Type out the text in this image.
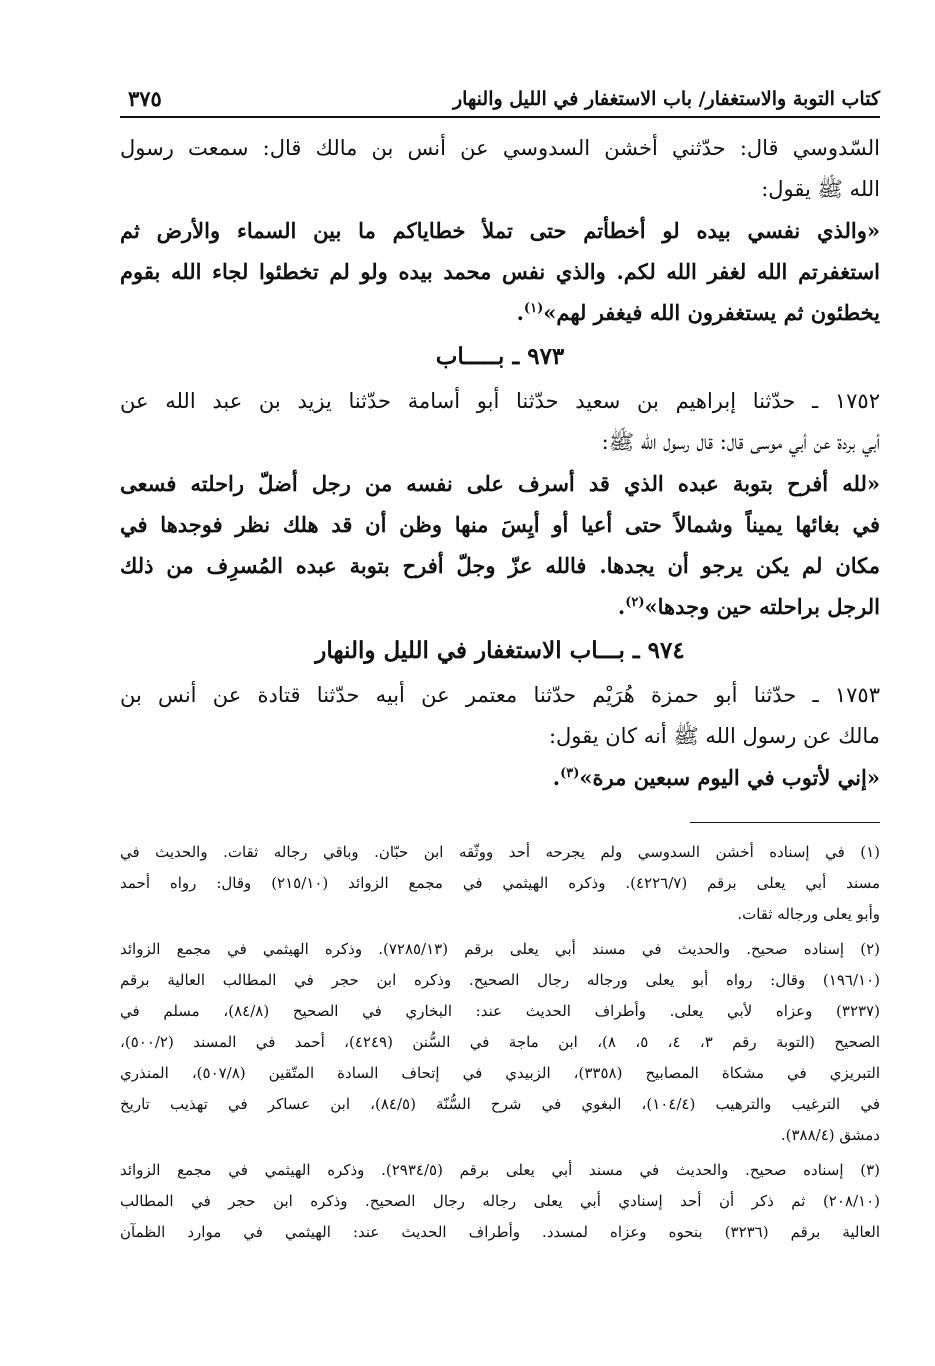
كتاب التوبة والاستغفار/ باب الاستغفار في الليل والنهار
٣٧٥
السّدوسي قال: حدّثني أخشن السدوسي عن أنس بن مالك قال: سمعت رسول
الله ﷺ يقول:
«والذي نفسي بيده لو أخطأتم حتى تملأ خطاياكم ما بين السماء والأرض ثم
استغفرتم الله لغفر الله لكم. والذي نفس محمد بيده ولو لم تخطئوا لجاء الله بقوم
يخطئون ثم يستغفرون الله فيغفر لهم»$^{(١)}$.
٩٧٣ ـ بـــــاب
١٧٥٢ ـ حدّثنا إبراهيم بن سعيد حدّثنا أبو أسامة حدّثنا يزيد بن عبد الله عن
أبي بردة عن أبي موسى قال: قال رسول الله ﷺ:
«لله أفرح بتوبة عبده الذي قد أسرف على نفسه من رجل أضلّ راحلته فسعى
في بغائها يميناً وشمالاً حتى أعيا أو أيِسَ منها وظن أن قد هلك نظر فوجدها في
مكان لم يكن يرجو أن يجدها. فالله عزّ وجلّ أفرح بتوبة عبده المُسرِف من ذلك
الرجل براحلته حين وجدها»$^{(٢)}$.
٩٧٤ ـ بـــاب الاستغفار في الليل والنهار
١٧٥٣ ـ حدّثنا أبو حمزة هُرَيْم حدّثنا معتمر عن أبيه حدّثنا قتادة عن أنس بن
مالك عن رسول الله ﷺ أنه كان يقول:
«إني لأتوب في اليوم سبعين مرة»$^{(٣)}$.
(١) في إسناده أخشن السدوسي ولم يجرحه أحد ووثّقه ابن حبّان. وباقي رجاله ثقات. والحديث في
مسند أبي يعلى برقم (٤٢٢٦/٧). وذكره الهيثمي في مجمع الزوائد (٢١٥/١٠) وقال: رواه أحمد
وأبو يعلى ورجاله ثقات.
(٢) إسناده صحيح. والحديث في مسند أبي يعلى برقم (٧٢٨٥/١٣). وذكره الهيثمي في مجمع الزوائد
(١٩٦/١٠) وقال: رواه أبو يعلى ورجاله رجال الصحيح. وذكره ابن حجر في المطالب العالية برقم
(٣٢٣٧) وعزاه لأبي يعلى. وأطراف الحديث عند: البخاري في الصحيح (٨٤/٨)، مسلم في
الصحيح (التوبة رقم ٣، ٤، ٥، ٨)، ابن ماجة في السُّنن (٤٢٤٩)، أحمد في المسند (٥٠٠/٢)،
التبريزي في مشكاة المصابيح (٣٣٥٨)، الزبيدي في إتحاف السادة المتّقين (٥٠٧/٨)، المنذري
في الترغيب والترهيب (١٠٤/٤)، البغوي في شرح السُّنّة (٨٤/٥)، ابن عساكر في تهذيب تاريخ
دمشق (٣٨٨/٤).
(٣) إسناده صحيح. والحديث في مسند أبي يعلى برقم (٢٩٣٤/٥). وذكره الهيثمي في مجمع الزوائد
(٢٠٨/١٠) ثم ذكر أن أحد إسنادي أبي يعلى رجاله رجال الصحيح. وذكره ابن حجر في المطالب
العالية برقم (٣٢٣٦) بنحوه وعزاه لمسدد. وأطراف الحديث عند: الهيثمي في موارد الظمآن
